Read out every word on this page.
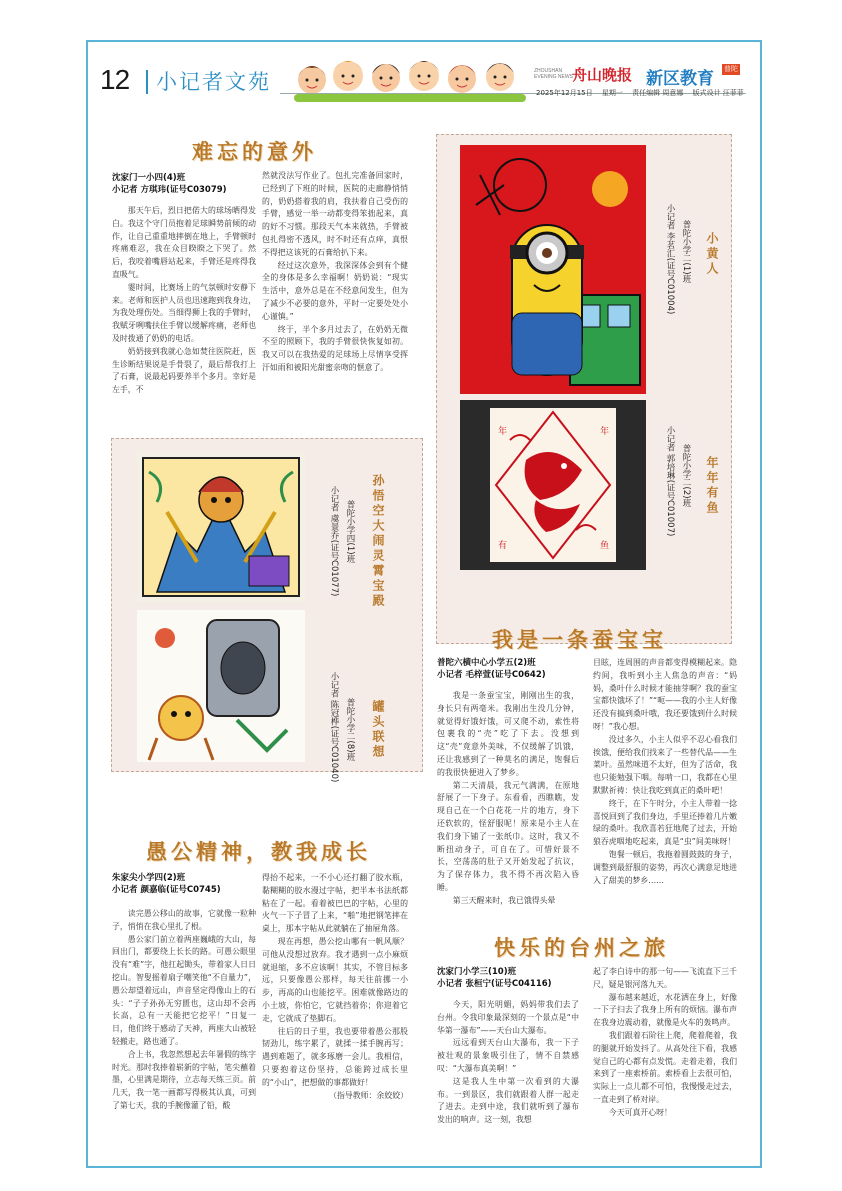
12 小记者文苑	ZHOUSHAN
EVENING NEWS 舟山晚报 新区教育 普陀
2025年12月15日 星期一 责任编辑 周意娜 版式设计 汪菲菲
难忘的意外
沈家门一小四(4)班
小记者 方琪玮(证号C03079)

那天午后，烈日把偌大的球场晒得发白。我这个守门员抱着足球瞬势前倾的动作，让自己重重地摔倒在地上，手臂顿时疼痛难忍，我在众目睽睽之下哭了。然后，我咬着嘴唇站起来，手臂还是疼得我直吸气。

霎时间，比赛场上的气氛顿时安静下来。老师和医护人员也迅速跑到我身边，为我处理伤处。当细得狮上我的手臂时，我赋牙咧嘴扶住手臂以缓解疼痛，老师也及时拨通了奶奶的电话。

奶奶接到我就心急如焚往医院赶，医生诊断结果说是手骨裂了，最后帮我打上了石膏，说最起码要养半个多月。幸好是左手，不

然就没法写作业了。包扎完准备回家时，已经到了下班的时候，医院的走廊静悄悄的，奶奶搭着我的肩，我扶着自己受伤的手臂，感觉一举一动都变得笨拙起来，真的好不习惯。那段天气本来就热，手臂被包扎得密不透风，时不时还有点痒，真恨不得把这该死的石膏给扒下来。

经过这次意外，我深深体会到有个健全的身体是多么幸福啊！奶奶说：“现实生活中，意外总是在不经意间发生，但为了减少不必要的意外，平时一定要处处小心谨慎。”

终于，半个多月过去了，在奶奶无微不至的照顾下，我的手臂很快恢复如初。我又可以在我热爱的足球场上尽情享受挥汗如雨和被阳光甜蜜亲吻的惬意了。

小记者 虞景乔(证号C01077) 普陀小学四(1)班 孙悟空大闹灵霄宝殿
小记者 陈冠桦(证号C01040) 普陀小学二(8)班 罐头联想
小记者 李茗汇(证号C01004) 普陀小学二(1)班 小黄人
年	年
有	鱼
小记者 郭培琳(证号C01007) 普陀小学二(2)班 年年有鱼
我是一条蚕宝宝
普陀六横中心小学五(2)班
小记者 毛梓萱(证号C0642)

我是一条蚕宝宝，刚刚出生的我，身长只有两毫米。我刚出生没几分钟，就觉得好饿好饿，可又爬不动，索性将包裹我的“壳”吃了下去。没想到这“壳”竟意外美味，不仅缓解了饥饿，还让我感到了一种莫名的满足，饱餐后的我很快便进入了梦乡。

第二天清晨，我元气满满，在原地舒展了一下身子。东看看，西瞧瞧，发现自己在一个白花花一片的地方，身下还软软的，怪舒服呢！原来是小主人在我们身下铺了一张纸巾。这时，我又不断扭动身子，可自在了。可惜好景不长，空荡荡的肚子又开始发起了抗议，为了保存体力，我不得不再次陷入昏睡。

第三天醒来时，我已饿得头晕

目眩，连周围的声音都变得模糊起来。隐约间，我听到小主人焦急的声音：“妈妈，桑叶什么时候才能抽芽啊？我的蚕宝宝都快饿坏了！”“呃——我的小主人好像还没有搞到桑叶哦，我还要饿到什么时候呀！”我心想。

没过多久，小主人似乎不忍心看我们挨饿，便给我们找来了一些替代品——生菜叶。虽然味道不太好，但为了活命，我也只能勉强下咽。每啃一口，我都在心里默默祈祷：快让我吃到真正的桑叶吧！

终于，在下午时分，小主人带着一捻喜悦回到了我们身边，手里还捧着几片嫩绿的桑叶。我欣喜若狂地爬了过去，开始狼吞虎咽地吃起来，真是“虫”间美味呀！

饱餐一顿后，我拖着圆鼓鼓的身子，调整到最舒服的姿势，再次心满意足地进入了甜美的梦乡……

愚公精神，教我成长
朱家尖小学四(2)班
小记者 颜嘉临(证号C0745)

读完愚公移山的故事，它就像一粒种子，悄悄在我心里扎了根。

愚公家门前立着两座巍峨的大山，每回出门，都要绕上长长的路。可愚公眼里没有“难”字，他扛起锄头，带着家人日日挖山。智叟摇着扇子嘲笑他“不自量力”，愚公却望着远山，声音坚定得像山上的石头：“子子孙孙无穷匮也，这山却不会再长高，总有一天能把它挖平！”日复一日，他们终于感动了天神，两座大山被轻轻搬走，路也通了。

合上书，我忽然想起去年暑假的练字时光。那时我捧着崭新的字帖，笔尖蘸着墨，心里满是期待，立志每天练三页。前几天，我一笔一画都写得极其认真，可到了第七天，我的手腕像灌了铅，酸

得抬不起来，一不小心还打翻了胶水瓶，黏糊糊的胶水漫过字帖，把半本书法纸都粘在了一起。看着被巴巴的字帖，心里的火气一下子冒了上来，“啪”地把钢笔摔在桌上，那本字帖从此就躺在了抽屉角落。

现在再想，愚公挖山哪有一帆风顺？可他从没想过放弃。我才遇到一点小麻烦就退缩，多不应该啊！其实，不管目标多远，只要像愚公那样，每天往前挪一小步，再高的山也能挖平。困难就像路边的小土坡，你怕它，它就挡着你；你迎着它走，它就成了垫脚石。

往后的日子里，我也要带着愚公那股韧劲儿，练字累了，就揉一揉手腕再写；遇到难题了，就多琢磨一会儿。我相信，只要抱着这份坚持，总能跨过成长里的“小山”，把想做的事都做好！

（指导教师：余姣姣）

快乐的台州之旅
沈家门小学三(10)班
小记者 张桓宁(证号C04116)

今天，阳光明媚，妈妈带我们去了台州。令我印象最深刻的一个景点是“中华第一瀑布”——天台山大瀑布。

远远看到天台山大瀑布，我一下子被壮观的景象吸引住了，情不自禁感叹：“大瀑布真美啊！”

这是我人生中第一次看到的大瀑布。一到景区，我们就跟着人群一起走了进去。走到中途，我们就听到了瀑布发出的响声。这一刻，我想

起了李白诗中的那一句——飞流直下三千尺，疑是银河落九天。

瀑布越来越近，水花洒在身上，好像一下子扫去了我身上所有的烦恼。瀑布声在我身边震动着，就像是火车的轰鸣声。

我们跟着石阶往上爬，爬着爬着，我的腿就开始发抖了。从高处往下看，我感觉自己的心都有点发慌。走着走着，我们来到了一座索桥前。索桥看上去很可怕，实际上一点儿都不可怕，我慢慢走过去，一直走到了桥对岸。

今天可真开心呀！
